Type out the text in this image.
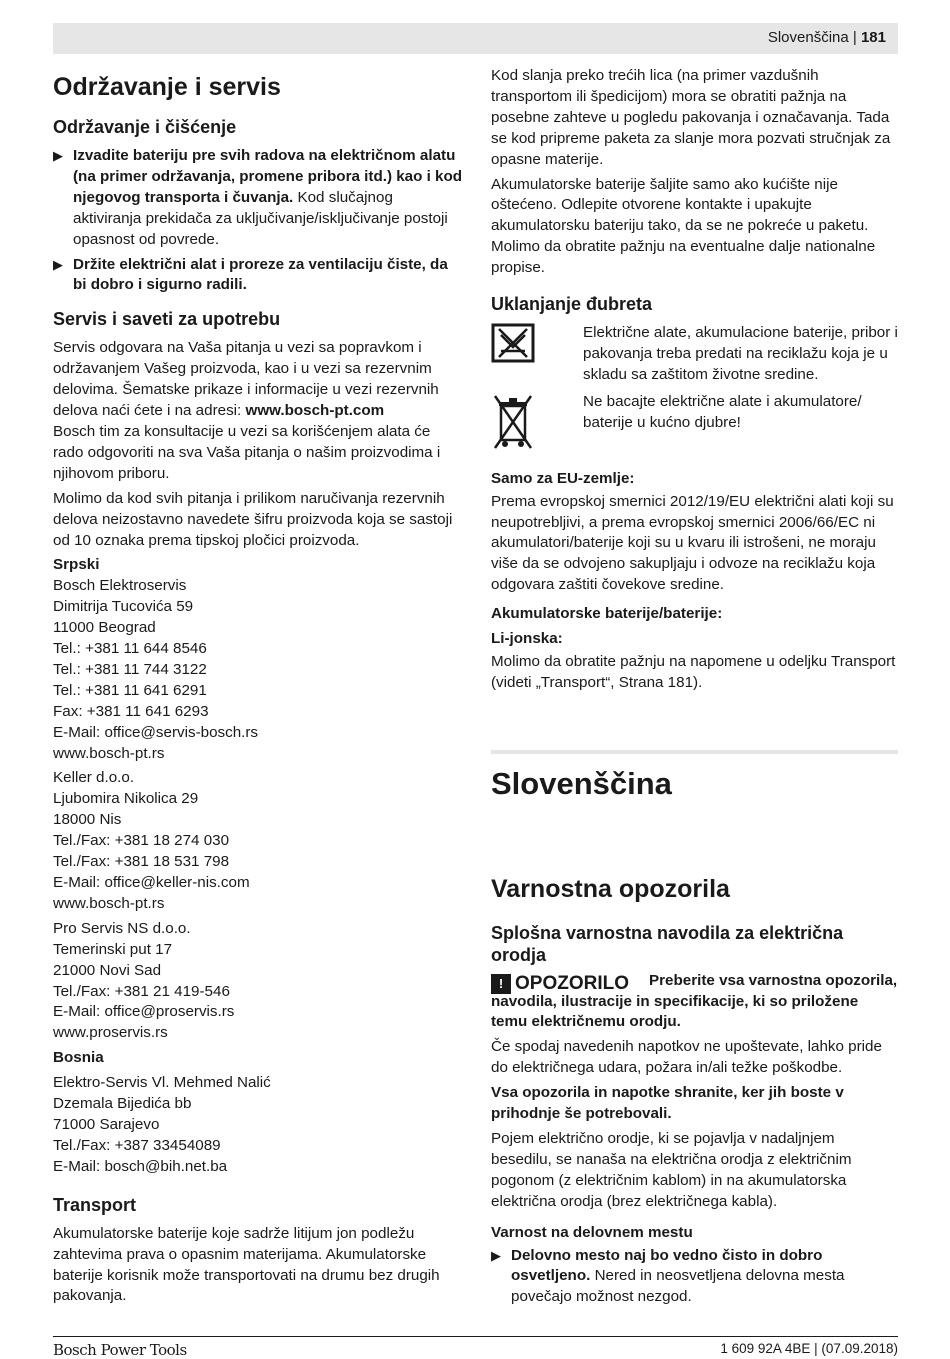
Slovenščina | 181
Održavanje i servis
Održavanje i čišćenje
▶ Izvadite bateriju pre svih radova na električnom alatu (na primer održavanja, promene pribora itd.) kao i kod njegovog transporta i čuvanja. Kod slučajnog aktiviranja prekidača za uključivanje/isključivanje postoji opasnost od povrede.
▶ Držite električni alat i proreze za ventilaciju čiste, da bi dobro i sigurno radili.
Servis i saveti za upotrebu

Servis odgovara na Vaša pitanja u vezi sa popravkom i održavanjem Vašeg proizvoda, kao i u vezi sa rezervnim delovima. Šematske prikaze i informacije u vezi rezervnih delova naći ćete i na adresi: www.bosch-pt.com
Bosch tim za konsultacije u vezi sa korišćenjem alata će rado odgovoriti na sva Vaša pitanja o našim proizvodima i njihovom priboru.

Molimo da kod svih pitanja i prilikom naručivanja rezervnih delova neizostavno navedete šifru proizvoda koja se sastoji od 10 oznaka prema tipskoj pločici proizvoda.

Srpski

Bosch Elektroservis

Dimitrija Tucovića 59

11000 Beograd

Tel.: +381 11 644 8546

Tel.: +381 11 744 3122

Tel.: +381 11 641 6291

Fax: +381 11 641 6293

E-Mail: office@servis-bosch.rs

www.bosch-pt.rs

Keller d.o.o.

Ljubomira Nikolica 29

18000 Nis

Tel./Fax: +381 18 274 030

Tel./Fax: +381 18 531 798

E-Mail: office@keller-nis.com

www.bosch-pt.rs

Pro Servis NS d.o.o.

Temerinski put 17

21000 Novi Sad

Tel./Fax: +381 21 419-546

E-Mail: office@proservis.rs

www.proservis.rs

Bosnia

Elektro-Servis Vl. Mehmed Nalić

Dzemala Bijedića bb

71000 Sarajevo

Tel./Fax: +387 33454089

E-Mail: bosch@bih.net.ba

Transport

Akumulatorske baterije koje sadrže litijum jon podležu zahtevima prava o opasnim materijama. Akumulatorske baterije korisnik može transportovati na drumu bez drugih pakovanja.

Kod slanja preko trećih lica (na primer vazdušnih transportom ili špedicijom) mora se obratiti pažnja na posebne zahteve u pogledu pakovanja i označavanja. Tada se kod pripreme paketa za slanje mora pozvati stručnjak za opasne materije.

Akumulatorske baterije šaljite samo ako kućište nije oštećeno. Odlepite otvorene kontakte i upakujte akumulatorsku bateriju tako, da se ne pokreće u paketu. Molimo da obratite pažnju na eventualne dalje nationalne propise.

Uklanjanje đubreta

Električne alate, akumulacione baterije, pribor i pakovanja treba predati na reciklažu koja je u skladu sa zaštitom životne sredine.

Ne bacajte električne alate i akumulatore/ baterije u kućno djubre!

Samo za EU-zemlje:

Prema evropskoj smernici 2012/19/EU električni alati koji su neupotrebljivi, a prema evropskoj smernici 2006/66/EC ni akumulatori/baterije koji su u kvaru ili istrošeni, ne moraju više da se odvojeno sakupljaju i odvoze na reciklažu koja odgovara zaštiti čovekove sredine.

Akumulatorske baterije/baterije:
Li-jonska:

Molimo da obratite pažnju na napomene u odeljku Transport (videti „Transport“, Strana 181).

Slovenščina
Varnostna opozorila
Splošna varnostna navodila za električna orodja
! OPOZORILO	Preberite vsa varnostna opozorila, navodila, ilustracije in specifikacije, ki so priložene temu električnemu orodju.

Če spodaj navedenih napotkov ne upoštevate, lahko pride do električnega udara, požara in/ali težke poškodbe.

Vsa opozorila in napotke shranite, ker jih boste v prihodnje še potrebovali.

Pojem električno orodje, ki se pojavlja v nadaljnjem besedilu, se nanaša na električna orodja z električnim pogonom (z električnim kablom) in na akumulatorska električna orodja (brez električnega kabla).

Varnost na delovnem mestu
▶ Delovno mesto naj bo vedno čisto in dobro osvetljeno. Nered in neosvetljena delovna mesta povečajo možnost nezgod.
Bosch Power Tools	1 609 92A 4BE | (07.09.2018)
